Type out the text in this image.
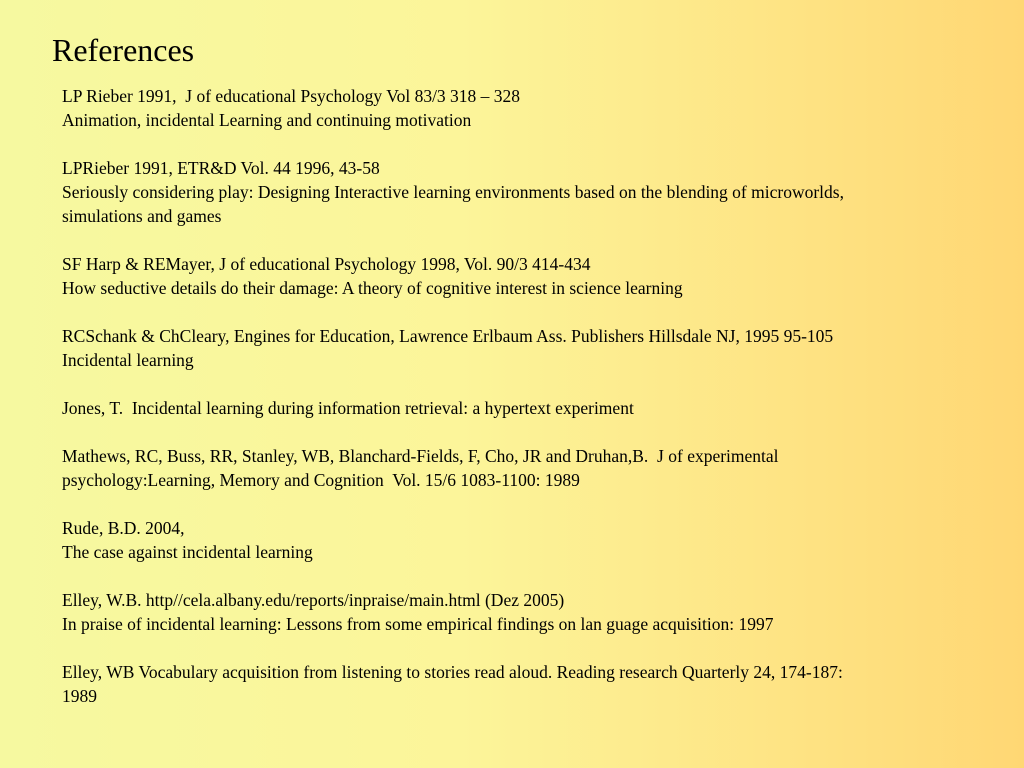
References
LP Rieber 1991,  J of educational Psychology Vol 83/3 318 – 328
Animation, incidental Learning and continuing motivation
LPRieber 1991, ETR&D Vol. 44 1996, 43-58
Seriously considering play: Designing Interactive learning environments based on the blending of microworlds,
simulations and games
SF Harp & REMayer, J of educational Psychology 1998, Vol. 90/3 414-434
How seductive details do their damage: A theory of cognitive interest in science learning
RCSchank & ChCleary, Engines for Education, Lawrence Erlbaum Ass. Publishers Hillsdale NJ, 1995 95-105
Incidental learning
Jones, T.  Incidental learning during information retrieval: a hypertext experiment
Mathews, RC, Buss, RR, Stanley, WB, Blanchard-Fields, F, Cho, JR and Druhan,B.  J of experimental
psychology:Learning, Memory and Cognition  Vol. 15/6 1083-1100: 1989
Rude, B.D. 2004,
The case against incidental learning
Elley, W.B. http//cela.albany.edu/reports/inpraise/main.html (Dez 2005)
In praise of incidental learning: Lessons from some empirical findings on lan guage acquisition: 1997
Elley, WB Vocabulary acquisition from listening to stories read aloud. Reading research Quarterly 24, 174-187:
1989
